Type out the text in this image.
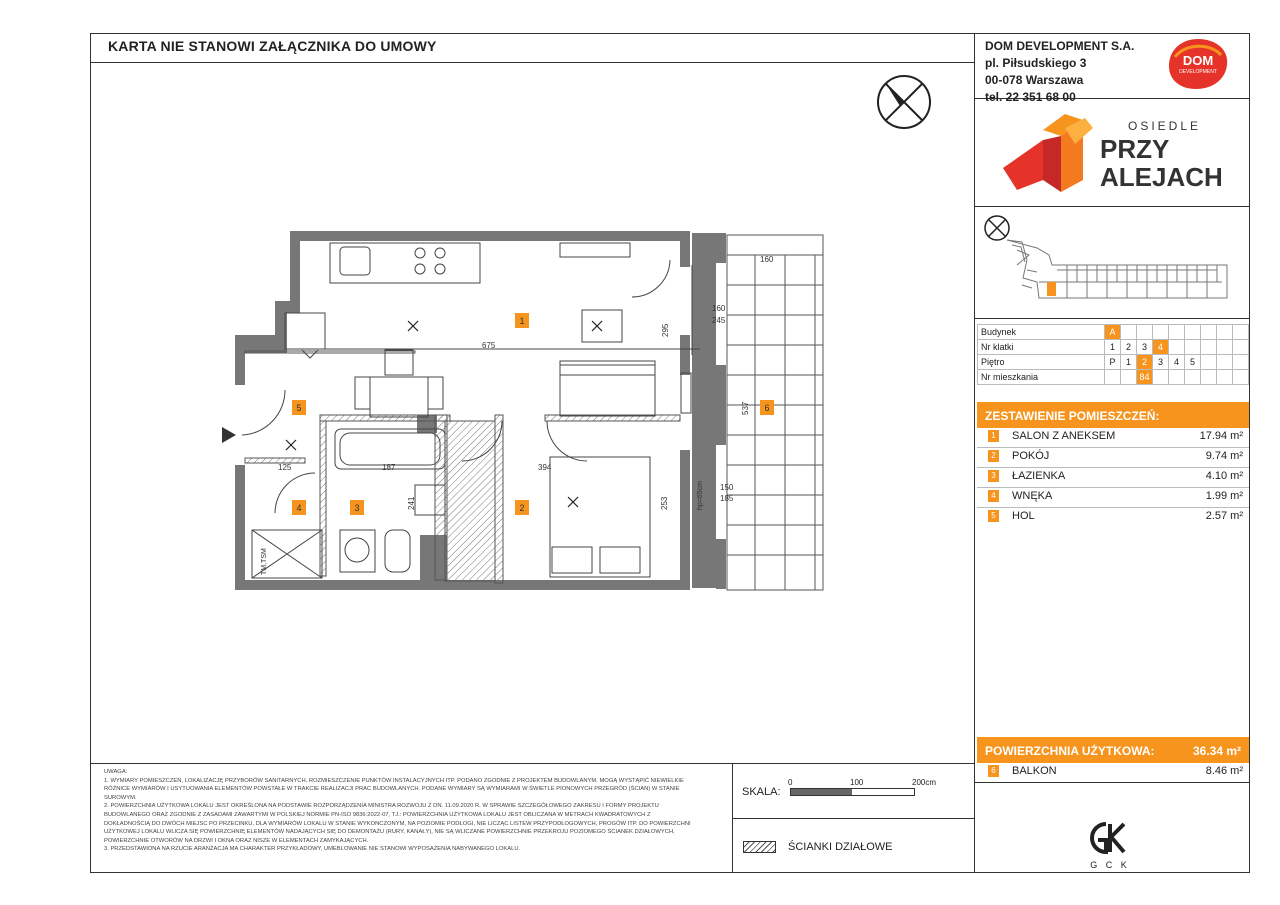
KARTA NIE STANOWI ZAŁĄCZNIKA DO UMOWY	DOM DEVELOPMENT S.A.
pl. Piłsudskiego 3
00-078 Warszawa
tel. 22 351 68 00
DOM
DEVELOPMENT
OSIEDLE
PRZY
ALEJACH
Budynek	A								
Nr klatki	1	2	3	4					
Piętro	P	1	2	3	4	5			
Nr mieszkania			84						
ZESTAWIENIE POMIESZCZEŃ:
1 SALON Z ANEKSEM	17.94 m²
2 POKÓJ	9.74 m²
3 ŁAZIENKA	4.10 m²
4 WNĘKA	1.99 m²
5 HOL	2.57 m²
POWIERZCHNIA UŻYTKOWA:	36.34 m²
6 BALKON	8.46 m²

UWAGA:

1. WYMIARY POMIESZCZEŃ, LOKALIZACJĘ PRZYBORÓW SANITARNYCH, ROZMIESZCZENIE PUNKTÓW INSTALACYJNYCH ITP. PODANO ZGODNIE Z PROJEKTEM BUDOWLANYM. MOGĄ WYSTĄPIĆ NIEWIELKIE RÓŻNICE WYMIARÓW I USYTUOWANIA ELEMENTÓW POWSTAŁE W TRAKCIE REALIZACJI PRAC BUDOWLANYCH. PODANE WYMIARY SĄ WYMIARAMI W ŚWIETLE PIONOWYCH PRZEGRÓD (ŚCIAN) W STANIE SUROWYM.

2. POWIERZCHNIA UŻYTKOWA LOKALU JEST OKREŚLONA NA PODSTAWIE ROZPORZĄDZENIA MINISTRA ROZWOJU Z DN. 11.09.2020 R. W SPRAWIE SZCZEGÓŁOWEGO ZAKRESU I FORMY PROJEKTU BUDOWLANEGO ORAZ ZGODNIE Z ZASADAMI ZAWARTYMI W POLSKIEJ NORMIE PN-ISO 9836:2022-07, TJ.: POWIERZCHNIA UŻYTKOWA LOKALU JEST OBLICZANA W METRACH KWADRATOWYCH Z DOKŁADNOŚCIĄ DO DWÓCH MIEJSC PO PRZECINKU, DLA WYMIARÓW LOKALU W STANIE WYKONCZONYM, NA POZIOMIE PODŁOGI, NIE LICZĄC LISTEW PRZYPODŁOGOWYCH, PROGÓW ITP. DO POWIERZCHNI UŻYTKOWEJ LOKALU WLICZA SIĘ POWIERZCHNIĘ ELEMENTÓW NADAJĄCYCH SIĘ DO DEMONTAŻU (RURY, KANAŁY), NIE SĄ WLICZANE POWIERZCHNIE PRZEKROJU POZIOMEGO ŚCIANEK DZIAŁOWYCH, POWIERZCHNIE OTWORÓW NA DRZWI I OKNA ORAZ NISZE W ELEMENTACH ZAMYKAJĄCYCH.

3. PRZEDSTAWIONA NA RZUCIE ARANŻACJA MA CHARAKTER PRZYKŁADOWY, UMEBLOWANIE NIE STANOWI WYPOSAŻENIA NABYWANEGO LOKALU.

SKALA:
0	100	200cm
ŚCIANKI DZIAŁOWE
G C K
1
2
3
4
5	6
675
295
160
245
160
537
394
253
150
185
187
241
125
TM,TSM
hp=65cm
